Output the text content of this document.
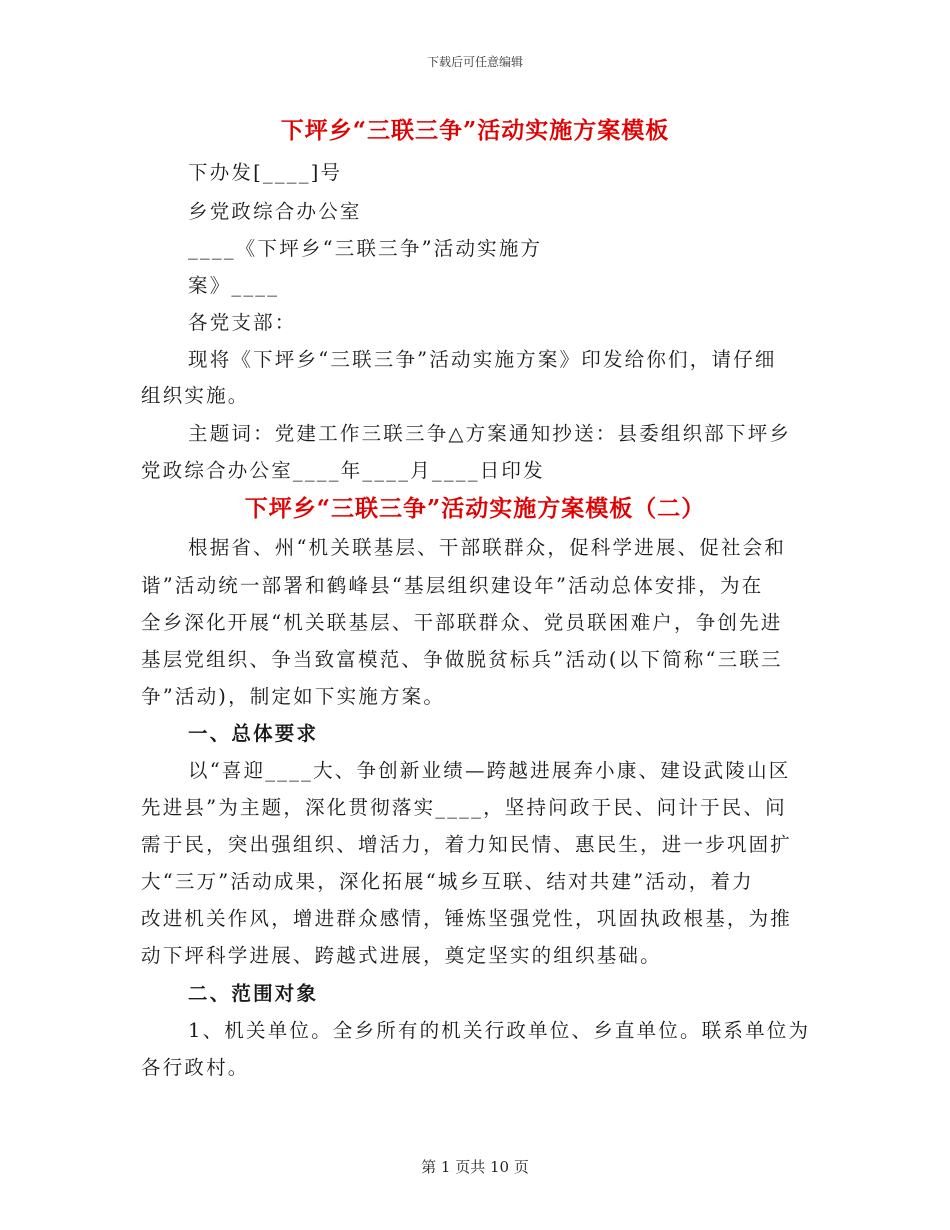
下载后可任意编辑
下坪乡“三联三争”活动实施方案模板
下办发[____]号
乡党政综合办公室
____《下坪乡“三联三争”活动实施方
案》____
各党支部：
现将《下坪乡“三联三争”活动实施方案》印发给你们，请仔细
组织实施。
主题词：党建工作三联三争△方案通知抄送：县委组织部下坪乡
党政综合办公室____年____月____日印发
下坪乡“三联三争”活动实施方案模板（二）
根据省、州“机关联基层、干部联群众，促科学进展、促社会和
谐”活动统一部署和鹤峰县“基层组织建设年”活动总体安排，为在
全乡深化开展“机关联基层、干部联群众、党员联困难户，争创先进
基层党组织、争当致富模范、争做脱贫标兵”活动(以下简称“三联三
争”活动)，制定如下实施方案。
一、总体要求
以“喜迎____大、争创新业绩—跨越进展奔小康、建设武陵山区
先进县”为主题，深化贯彻落实____，坚持问政于民、问计于民、问
需于民，突出强组织、增活力，着力知民情、惠民生，进一步巩固扩
大“三万”活动成果，深化拓展“城乡互联、结对共建”活动，着力
改进机关作风，增进群众感情，锤炼坚强党性，巩固执政根基，为推
动下坪科学进展、跨越式进展，奠定坚实的组织基础。
二、范围对象
1、机关单位。全乡所有的机关行政单位、乡直单位。联系单位为
各行政村。
第 1 页共 10 页
